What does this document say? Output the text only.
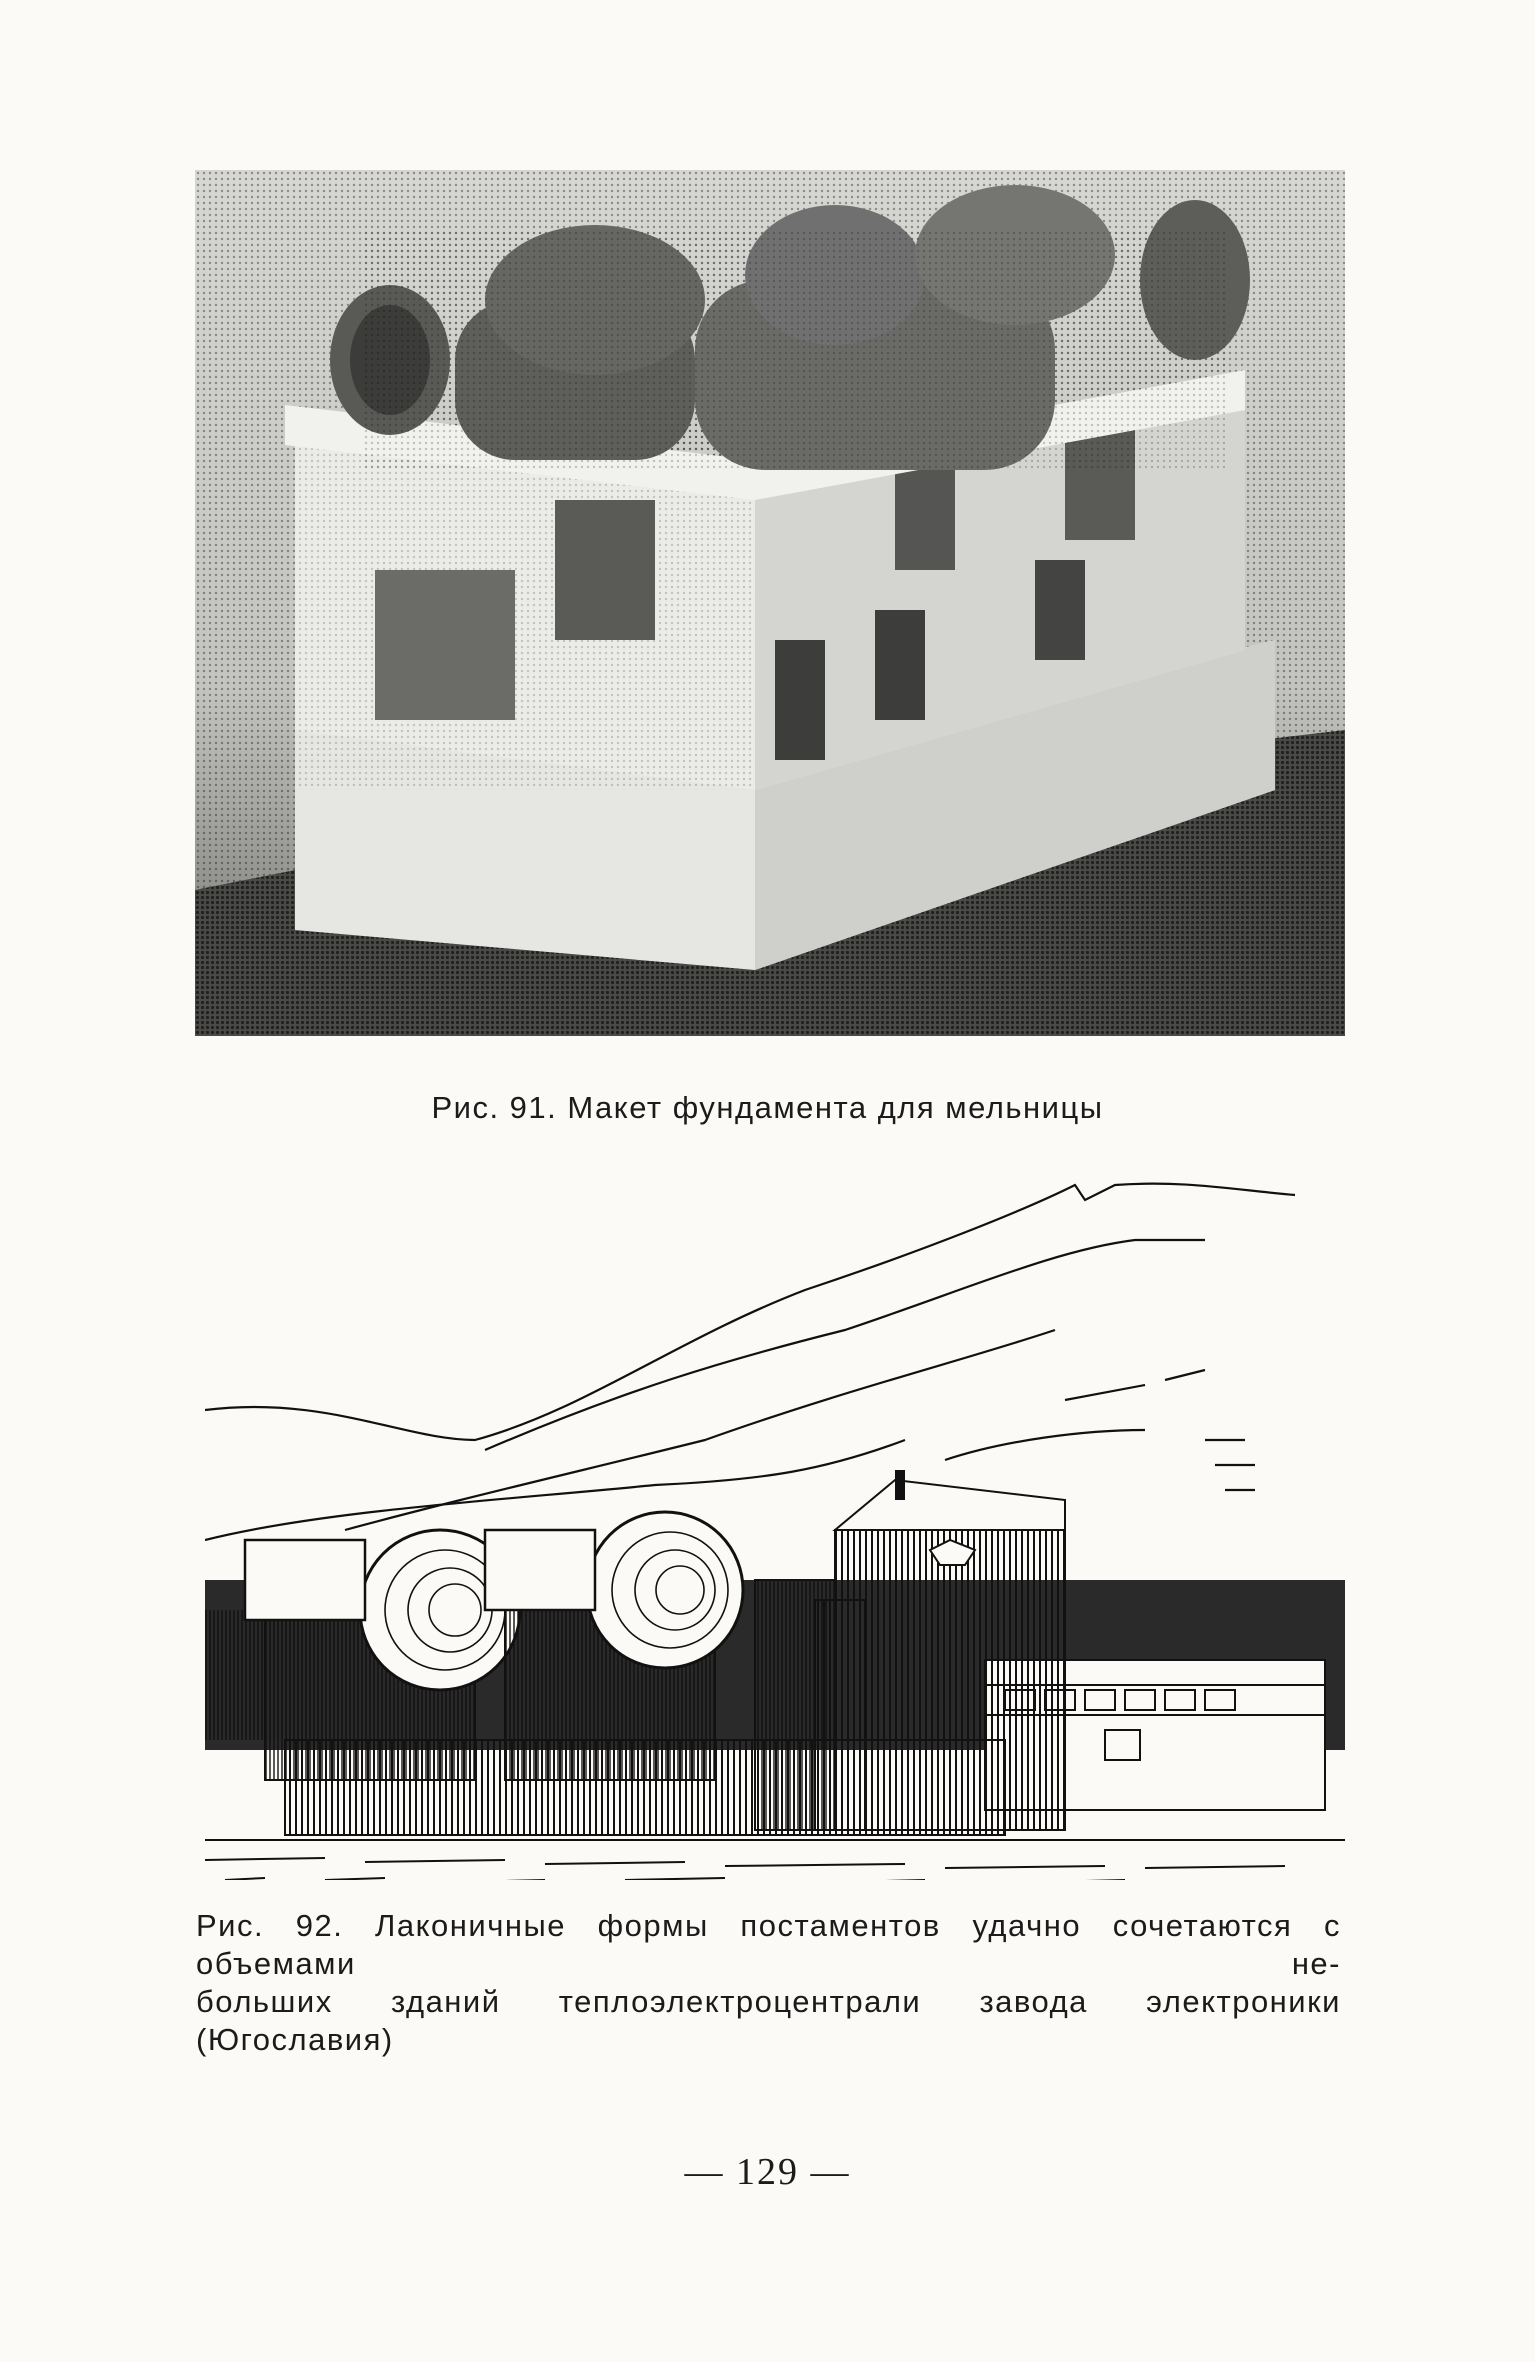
Рис. 91. Макет фундамента для мельницы
Рис. 92. Лаконичные формы постаментов удачно сочетаются с объемами не-
больших зданий теплоэлектроцентрали завода электроники (Югославия)
— 129 —
